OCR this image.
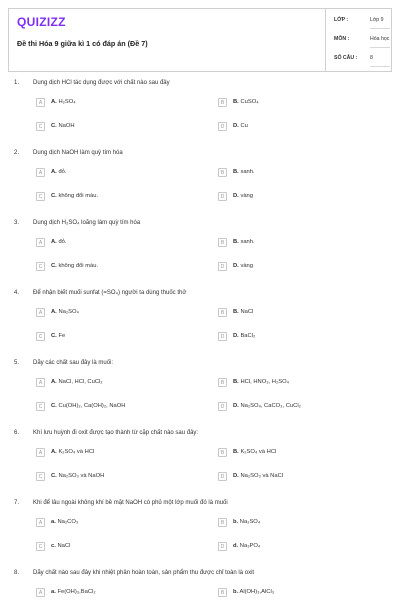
QUIZIZZ
Đề thi Hóa 9 giữa kì 1 có đáp án (Đề 7)
LỚP :	Lớp 9
MÔN :	Hóa học
SỐ CÂU : 8
1. Dung dịch HCl tác dụng được với chất nào sau đây
A	A. H₂SO₄	B	B. CuSO₄
C	C. NaOH	D	D. Cu
2. Dung dịch NaOH làm quỳ tím hóa
A	A. đỏ.	B	B. xanh.
C	C. không đổi màu.	D	D. vàng
3. Dung dịch H₂SO₄ loãng làm quỳ tím hóa
A	A. đỏ.	B	B. xanh.
C	C. không đổi màu.	D	D. vàng
4. Để nhận biết muối sunfat (=SO₄) người ta dùng thuốc thử
A	A. Na₂SO₄	B	B. NaCl
C	C. Fe	D	D. BaCl₂
5. Dãy các chất sau đây là muối:
A	A. NaCl, HCl, CuCl₂	B	B. HCl, HNO₃, H₂SO₄
C	C. Cu(OH)₂, Ca(OH)₂, NaOH	D	D. Na₂SO₄, CaCO₃, CuCl₂
6. Khí lưu huỳnh đi oxit được tạo thành từ cặp chất nào sau đây:
A	A. K₂SO₄ và HCl	B	B. K₂SO₄ và HCl
C	C. Na₂SO₃ và NaOH	D	D. Na₂SO₃ và NaCl
7. Khi để lâu ngoài không khí bề mặt NaOH có phủ một lớp muối đó là muối
A	a. Na₂CO₃	B	b. Na₂SO₄
C	c. NaCl	D	d. Na₃PO₄
8. Dãy chất nào sau đây khi nhiệt phân hoàn toàn, sản phẩm thu được chỉ toàn là oxit
A	a. Fe(OH)₃,BaCl₂	B	b. Al(OH)₃,AlCl₃
